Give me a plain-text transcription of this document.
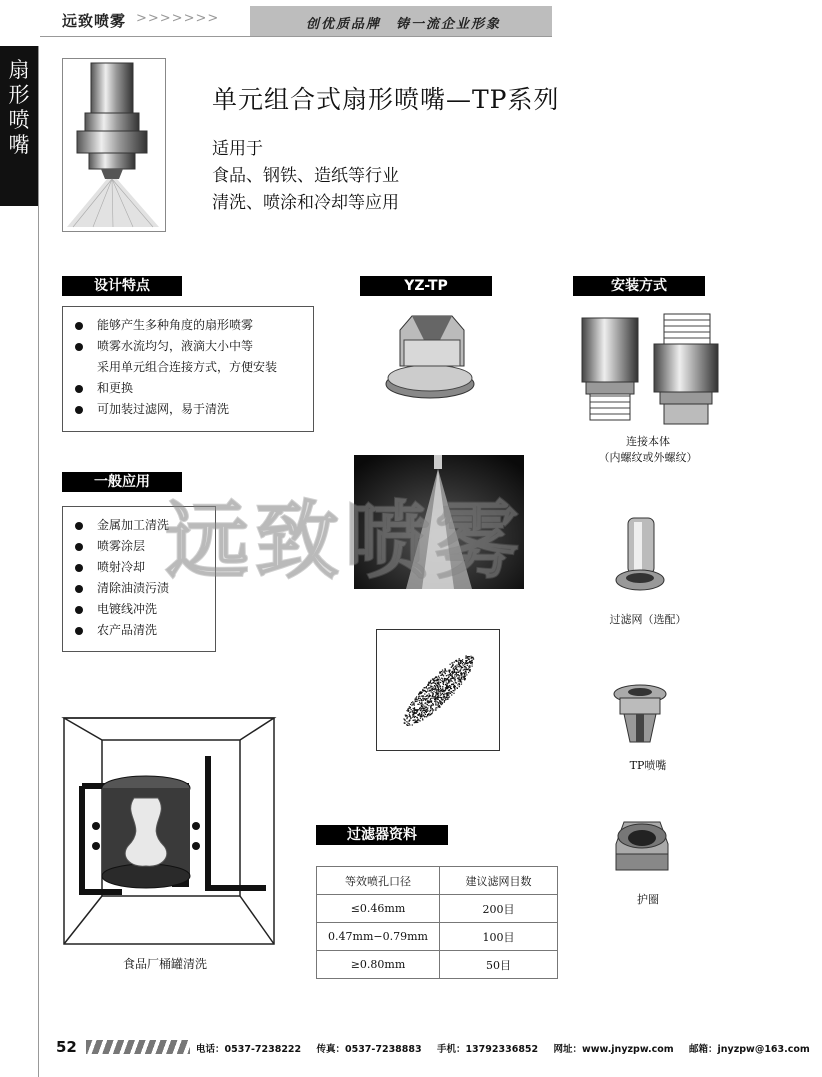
远致喷雾 >>>>>>>	创优质品牌　铸一流企业形象
扇
形
喷
嘴
单元组合式扇形喷嘴—TP系列
适用于
食品、钢铁、造纸等行业
清洗、喷涂和冷却等应用
设计特点
能够产生多种角度的扇形喷雾
喷雾水流均匀，液滴大小中等
采用单元组合连接方式，方便安装
和更换
可加装过滤网，易于清洗
YZ-TP	安装方式
连接本体
（内螺纹或外螺纹）
过滤网（选配）
TP喷嘴
护圈
一般应用
金属加工清洗
喷雾涂层
喷射冷却
清除油渍污渍
电镀线冲洗
农产品清洗
远致喷雾
食品厂桶罐清洗
过滤器资料
等效喷孔口径	建议滤网目数
≤0.46mm	200目
0.47mm−0.79mm	100目
≥0.80mm	50目
52	电话：0537-7238222 传真：0537-7238883 手机：13792336852 网址：www.jnyzpw.com 邮箱：jnyzpw@163.com
